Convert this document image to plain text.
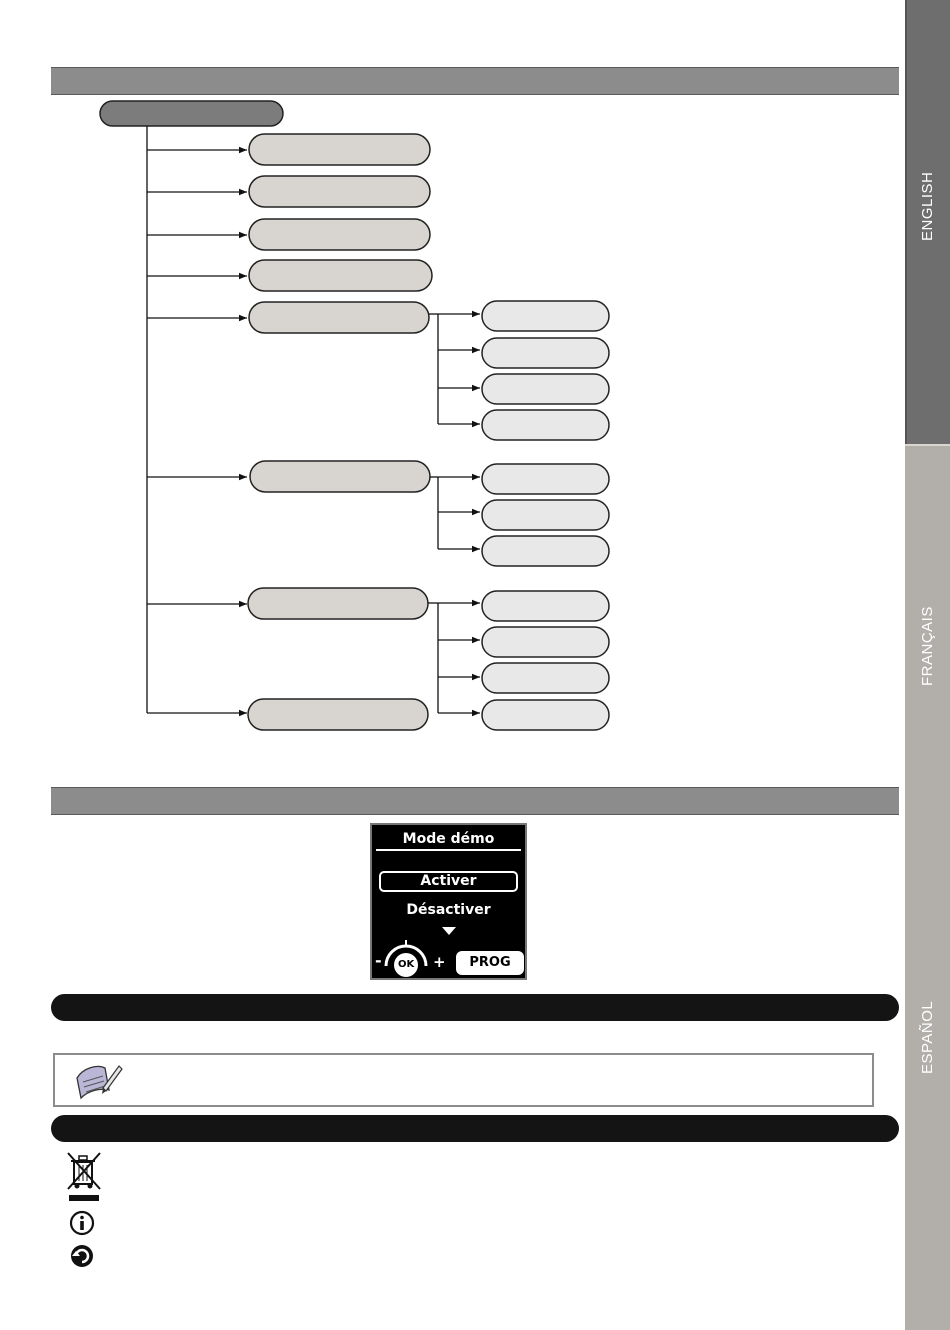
ENGLISH
FRANÇAIS
ESPAÑOL
Mode démo
Activer
Désactiver
- OK +	PROG
